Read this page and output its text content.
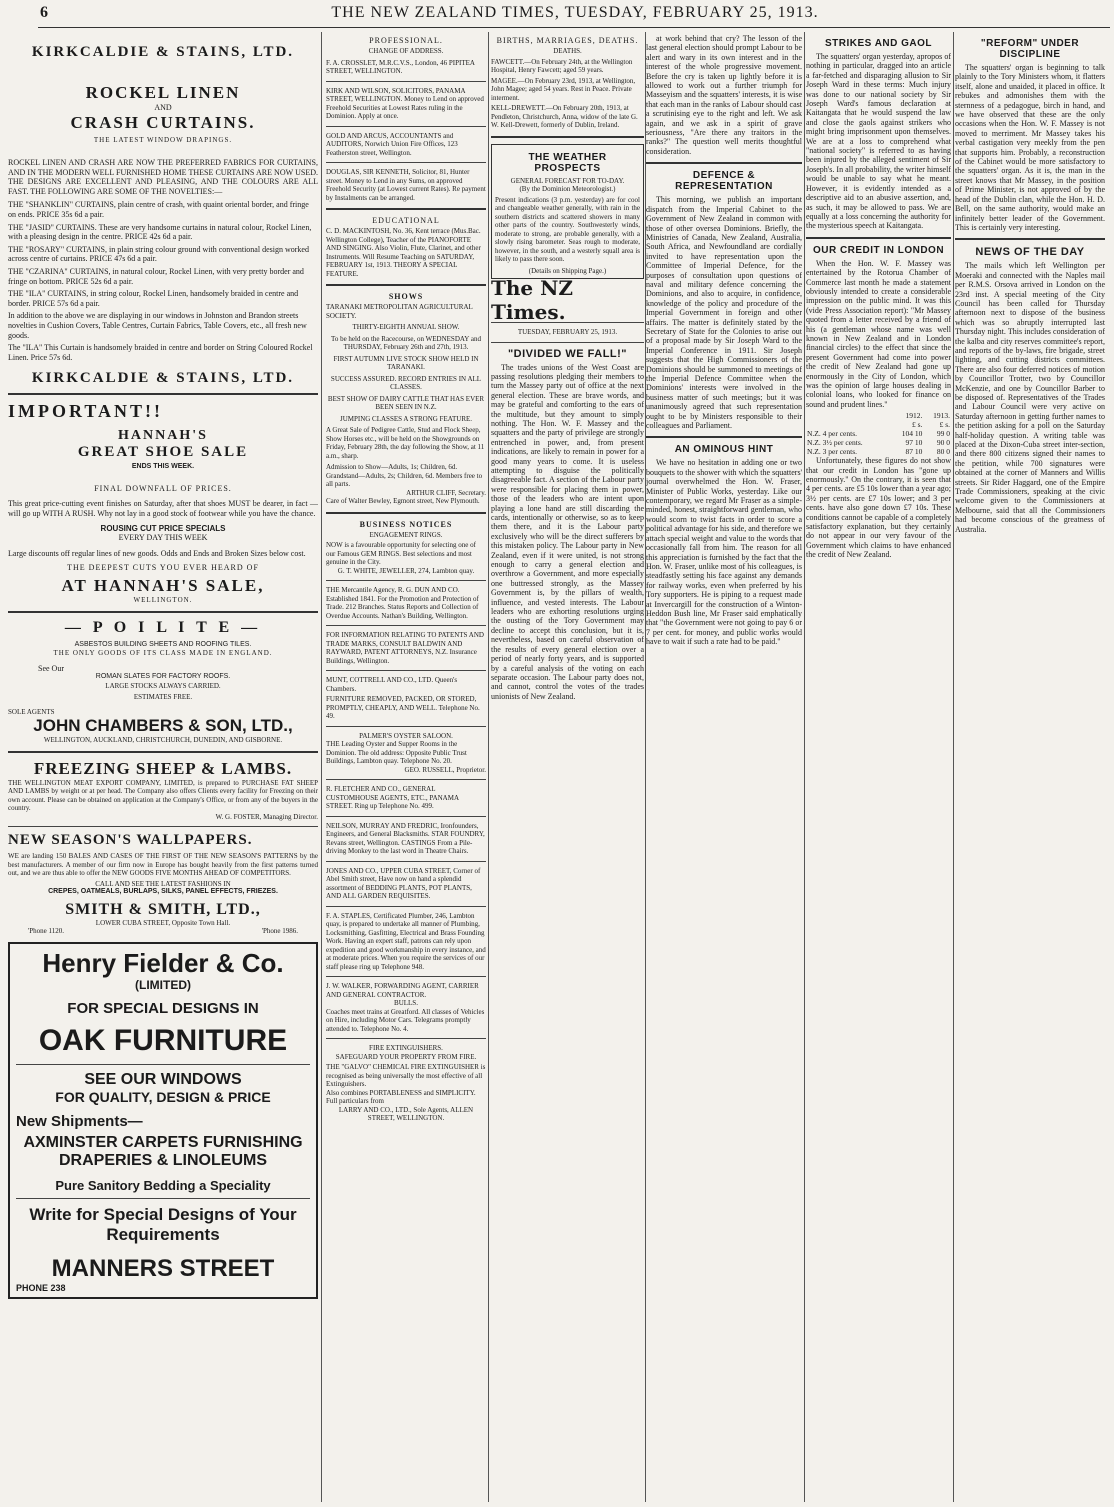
6	THE NEW ZEALAND TIMES, TUESDAY, FEBRUARY 25, 1913.
KIRKCALDIE & STAINS, LTD.
ROCKEL LINEN
AND
CRASH CURTAINS.
THE LATEST WINDOW DRAPINGS.
ROCKEL LINEN AND CRASH ARE NOW THE PREFERRED FABRICS FOR CURTAINS, AND IN THE MODERN WELL FURNISHED HOME THESE CURTAINS ARE NOW USED. THE DESIGNS ARE EXCELLENT AND PLEASING, AND THE COLOURS ARE ALL FAST. THE FOLLOWING ARE SOME OF THE NOVELTIES:—
THE "SHANKLIN" CURTAINS, plain centre of crash, with quaint oriental border, and fringe on ends. PRICE 35s 6d a pair.
THE "JASID" CURTAINS. These are very handsome curtains in natural colour, Rockel Linen, with a pleasing design in the centre. PRICE 42s 6d a pair.
THE "ROSARY" CURTAINS, in plain string colour ground with conventional design worked across centre of curtains. PRICE 47s 6d a pair.
THE "CZARINA" CURTAINS, in natural colour, Rockel Linen, with very pretty border and fringe on bottom. PRICE 52s 6d a pair.
THE "ILA" CURTAINS, in string colour, Rockel Linen, handsomely braided in centre and border. PRICE 57s 6d a pair.
In addition to the above we are displaying in our windows in Johnston and Brandon streets novelties in Cushion Covers, Table Centres, Curtain Fabrics, Table Covers, etc., all fresh new goods.
The "ILA" This Curtain is handsomely braided in centre and border on String Coloured Rockel Linen. Price 57s 6d.
KIRKCALDIE & STAINS, LTD.
IMPORTANT!!
HANNAH'S
GREAT SHOE SALE
ENDS THIS WEEK.
FINAL DOWNFALL OF PRICES.
This great price-cutting event finishes on Saturday, after that shoes MUST be dearer, in fact — will go up WITH A RUSH. Why not lay in a good stock of footwear while you have the chance.
ROUSING CUT PRICE SPECIALS
EVERY DAY THIS WEEK
Large discounts off regular lines of new goods. Odds and Ends and Broken Sizes below cost.
THE DEEPEST CUTS YOU EVER HEARD OF
AT HANNAH'S SALE,
WELLINGTON.
— P O I L I T E —
ASBESTOS BUILDING SHEETS AND ROOFING TILES.
THE ONLY GOODS OF ITS CLASS MADE IN ENGLAND.
See Our
ROMAN SLATES FOR FACTORY ROOFS.
LARGE STOCKS ALWAYS CARRIED.
ESTIMATES FREE.
SOLE AGENTS
JOHN CHAMBERS & SON, LTD.,
WELLINGTON, AUCKLAND, CHRISTCHURCH, DUNEDIN, AND GISBORNE.
FREEZING SHEEP & LAMBS.
THE WELLINGTON MEAT EXPORT COMPANY, LIMITED, is prepared to PURCHASE FAT SHEEP AND LAMBS by weight or at per head. The Company also offers Clients every facility for Freezing on their own account. Please can be obtained on application at the Company's Office, or from any of the buyers in the country.
W. G. FOSTER, Managing Director.
NEW SEASON'S WALLPAPERS.
WE are landing 150 BALES AND CASES OF THE FIRST OF THE NEW SEASON'S PATTERNS by the best manufacturers. A member of our firm now in Europe has bought heavily from the first patterns turned out, and we are thus able to offer the NEW GOODS FIVE MONTHS AHEAD OF COMPETITORS.
CALL AND SEE THE LATEST FASHIONS IN
CREPES, OATMEALS, BURLAPS, SILKS, PANEL EFFECTS, FRIEZES.
SMITH & SMITH, LTD.,
LOWER CUBA STREET, Opposite Town Hall.
'Phone 1120.	'Phone 1986.
Henry Fielder & Co.
(LIMITED)
FOR SPECIAL DESIGNS IN
OAK FURNITURE
SEE OUR WINDOWS
FOR QUALITY, DESIGN & PRICE
New Shipments—
AXMINSTER CARPETS FURNISHING
DRAPERIES & LINOLEUMS
Pure Sanitory Bedding a Speciality
Write for Special Designs of Your
Requirements
MANNERS STREET
PHONE 238
PROFESSIONAL.
CHANGE OF ADDRESS.
F. A. CROSSLET, M.R.C.V.S., London, 46 PIPITEA STREET, WELLINGTON.
KIRK AND WILSON, SOLICITORS, PANAMA STREET, WELLINGTON. Money to Lend on approved Freehold Securities at Lowest Rates ruling in the Dominion. Apply at once.
GOLD AND ARCUS, ACCOUNTANTS and AUDITORS, Norwich Union Fire Offices, 123 Featherston street, Wellington.
DOUGLAS, SIR KENNETH, Solicitor, 81, Hunter street. Money to Lend in any Sums, on approved Freehold Security (at Lowest current Rates). Re payment by Instalments can be arranged.
EDUCATIONAL
C. D. MACKINTOSH, No. 36, Kent terrace (Mus.Bac. Wellington College), Teacher of the PIANOFORTE AND SINGING. Also Violin, Flute, Clarinet, and other Instruments. Will Resume Teaching on SATURDAY, FEBRUARY 1st, 1913. THEORY A SPECIAL FEATURE.
SHOWS
TARANAKI METROPOLITAN AGRICULTURAL SOCIETY.
THIRTY-EIGHTH ANNUAL SHOW.
To be held on the Racecourse, on WEDNESDAY and THURSDAY, February 26th and 27th, 1913.
FIRST AUTUMN LIVE STOCK SHOW HELD IN TARANAKI.
SUCCESS ASSURED. RECORD ENTRIES IN ALL CLASSES.
BEST SHOW OF DAIRY CATTLE THAT HAS EVER BEEN SEEN IN N.Z.
JUMPING CLASSES A STRONG FEATURE.
A Great Sale of Pedigree Cattle, Stud and Flock Sheep, Show Horses etc., will be held on the Showgrounds on Friday, February 28th, the day following the Show, at 11 a.m., sharp.
Admission to Show—Adults, 1s; Children, 6d. Grandstand—Adults, 2s; Children, 6d. Members free to all parts.
ARTHUR CLIFF, Secretary.
Care of Walter Bewley, Egmont street, New Plymouth.
BUSINESS NOTICES
ENGAGEMENT RINGS.
NOW is a favourable opportunity for selecting one of our Famous GEM RINGS. Best selections and most genuine in the City.
G. T. WHITE, JEWELLER, 274, Lambton quay.
THE Mercantile Agency, R. G. DUN AND CO. Established 1841. For the Promotion and Protection of Trade. 212 Branches. Status Reports and Collection of Overdue Accounts. Nathan's Building, Wellington.
FOR INFORMATION RELATING TO PATENTS AND TRADE MARKS, CONSULT BALDWIN AND RAYWARD, PATENT ATTORNEYS, N.Z. Insurance Buildings, Wellington.
MUNT, COTTRELL AND CO., LTD. Queen's Chambers.
FURNITURE REMOVED, PACKED, OR STORED, PROMPTLY, CHEAPLY, AND WELL. Telephone No. 49.
PALMER'S OYSTER SALOON.
THE Leading Oyster and Supper Rooms in the Dominion. The old address: Opposite Public Trust Buildings, Lambton quay. Telephone No. 20.
GEO. RUSSELL, Proprietor.
R. FLETCHER AND CO., GENERAL CUSTOMHOUSE AGENTS, ETC., PANAMA STREET. Ring up Telephone No. 499.
NEILSON, MURRAY AND FREDRIC, Ironfounders, Engineers, and General Blacksmiths. STAR FOUNDRY, Revans street, Wellington. CASTINGS From a Pile-driving Monkey to the last word in Theatre Chairs.
JONES AND CO., UPPER CUBA STREET, Corner of Abel Smith street, Have now on hand a splendid assortment of BEDDING PLANTS, POT PLANTS, AND ALL GARDEN REQUISITES.
F. A. STAPLES, Certificated Plumber, 246, Lambton quay, is prepared to undertake all manner of Plumbing, Locksmithing, Gasfitting, Electrical and Brass Founding Work. Having an expert staff, patrons can rely upon expedition and good workmanship in every instance, and at moderate prices. When you require the services of our staff please ring up Telephone 948.
J. W. WALKER, FORWARDING AGENT, CARRIER AND GENERAL CONTRACTOR.
BULLS.
Coaches meet trains at Greatford. All classes of Vehicles on Hire, including Motor Cars. Telegrams promptly attended to. Telephone No. 4.
FIRE EXTINGUISHERS.
SAFEGUARD YOUR PROPERTY FROM FIRE.
THE "GALVO" CHEMICAL FIRE EXTINGUISHER is recognised as being universally the most effective of all Extinguishers.
Also combines PORTABLENESS and SIMPLICITY.
Full particulars from
LARRY AND CO., LTD., Sole Agents, ALLEN STREET, WELLINGTON.
BIRTHS, MARRIAGES, DEATHS.
DEATHS.
FAWCETT.—On February 24th, at the Wellington Hospital, Henry Fawcett; aged 59 years.
MAGEE.—On February 23rd, 1913, at Wellington, John Magee; aged 54 years. Rest in Peace. Private interment.
KELL-DREWETT.—On February 20th, 1913, at Pendleton, Christchurch, Anna, widow of the late G. W. Kell-Drewett, formerly of Dublin, Ireland.
THE WEATHER PROSPECTS
GENERAL FORECAST FOR TO-DAY.
(By the Dominion Meteorologist.)
Present indications (3 p.m. yesterday) are for cool and changeable weather generally, with rain in the southern districts and scattered showers in many other parts of the country. Southwesterly winds, moderate to strong, are probable generally, with a slowly rising barometer. Seas rough to moderate, however, in the south, and a westerly squall area is likely to pass there soon.
(Details on Shipping Page.)
The NZ Times.
TUESDAY, FEBRUARY 25, 1913.
"DIVIDED WE FALL!"
The trades unions of the West Coast are passing resolutions pledging their members to turn the Massey party out of office at the next general election. These are brave words, and may be grateful and comforting to the ears of the multitude, but they amount to simply nothing. The Hon. W. F. Massey and the squatters and the party of privilege are strongly entrenched in power, and, from present indications, are likely to remain in power for a good many years to come. It is useless attempting to disguise the politically disagreeable fact. A section of the Labour party were responsible for placing them in power, those of the leaders who are intent upon playing a lone hand are still discarding the cards, intentionally or otherwise, so as to keep them there, and it is the Labour party exclusively who will be the direct sufferers by this mistaken policy. The Labour party in New Zealand, even if it were united, is not strong enough to carry a general election and overthrow a Government, and more especially one buttressed strongly, as the Massey Government is, by the pillars of wealth, influence, and vested interests. The Labour leaders who are exhorting resolutions urging the ousting of the Tory Government may decline to accept this conclusion, but it is, nevertheless, based on careful observation of the results of every general election over a period of nearly forty years, and is supported by a careful analysis of the voting on each separate occasion. The Labour party does not, and cannot, control the votes of the trades unionists of New Zealand.
at work behind that cry? The lesson of the last general election should prompt Labour to be alert and wary in its own interest and in the interest of the whole progressive movement. Before the cry is taken up lightly before it is allowed to work out a further triumph for Masseyism and the squatters' interests, it is wise that each man in the ranks of Labour should cast a scrutinising eye to the right and left. We ask again, and we ask in a spirit of grave seriousness, "Are there any traitors in the ranks?" The question well merits thoughtful consideration.
DEFENCE & REPRESENTATION
This morning, we publish an important dispatch from the Imperial Cabinet to the Government of New Zealand in common with those of other oversea Dominions. Briefly, the Ministries of Canada, New Zealand, Australia, South Africa, and Newfoundland are cordially invited to have representation upon the Committee of Imperial Defence, for the purposes of consultation upon questions of naval and military defence concerning the Dominions, and also to acquire, in confidence, knowledge of the policy and procedure of the Imperial Government in foreign and other affairs. The matter is definitely stated by the Secretary of State for the Colonies to arise out of a proposal made by Sir Joseph Ward to the Imperial Conference in 1911. Sir Joseph suggests that the High Commissioners of the Dominions should be summoned to meetings of the Imperial Defence Committee when the Dominions' interests were involved in the business matter of such meetings; but it was unanimously agreed that such representation ought to be by Ministers responsible to their colleagues and Parliament.
AN OMINOUS HINT
We have no hesitation in adding one or two bouquets to the shower with which the squatters' journal overwhelmed the Hon. W. Fraser, Minister of Public Works, yesterday. Like our contemporary, we regard Mr Fraser as a simple-minded, honest, straightforward gentleman, who would scorn to twist facts in order to score a political advantage for his side, and therefore we attach special weight and value to the words that occasionally fall from him. The reason for all this appreciation is furnished by the fact that the Hon. W. Fraser, unlike most of his colleagues, is steadfastly setting his face against any demands for railway works, even when preferred by his Tory supporters. He is piping to a request made at Invercargill for the construction of a Winton-Heddon Bush line, Mr Fraser said emphatically that "the Government were not going to pay 6 or 7 per cent. for money, and public works would have to wait if such a rate had to be paid."
STRIKES AND GAOL
The squatters' organ yesterday, apropos of nothing in particular, dragged into an article a far-fetched and disparaging allusion to Sir Joseph Ward in these terms: Much injury was done to our national society by Sir Joseph Ward's famous declaration at Kaitangata that he would suspend the law and close the gaols against strikers who might bring imprisonment upon themselves. We are at a loss to comprehend what "national society" is referred to as having been injured by the alleged sentiment of Sir Joseph's. In all probability, the writer himself would be unable to say what he meant. However, it is evidently intended as a descriptive aid to an abusive assertion, and, as such, it may be allowed to pass. We are equally at a loss concerning the authority for the mysterious speech at Kaitangata.
OUR CREDIT IN LONDON
When the Hon. W. F. Massey was entertained by the Rotorua Chamber of Commerce last month he made a statement obviously intended to create a considerable impression on the public mind. It was this (vide Press Association report): "Mr Massey quoted from a letter received by a friend of his (a gentleman whose name was well known in New Zealand and in London financial circles) to the effect that since the present Government had come into power the credit of New Zealand had gone up enormously in the City of London, which was the opinion of large houses dealing in colonial loans, who looked for finance on sound and prudent lines."
	1912.	1913.
	£ s.	£ s.
N.Z. 4 per cents.	104 10	99 0
N.Z. 3½ per cents.	97 10	90 0
N.Z. 3 per cents.	87 10	80 0
Unfortunately, these figures do not show that our credit in London has "gone up enormously." On the contrary, it is seen that 4 per cents. are £5 10s lower than a year ago; 3½ per cents. are £7 10s lower; and 3 per cents. have also gone down £7 10s. These conditions cannot be capable of a completely satisfactory explanation, but they certainly do not appear in our very favour of the Government which claims to have enhanced the credit of New Zealand.
"REFORM" UNDER DISCIPLINE
The squatters' organ is beginning to talk plainly to the Tory Ministers whom, it flatters itself, alone and unaided, it placed in office. It rebukes and admonishes them with the sternness of a pedagogue, birch in hand, and we have observed that these are the only occasions when the Hon. W. F. Massey is not moved to merriment. Mr Massey takes his verbal castigation very meekly from the pen that supports him. Probably, a reconstruction of the Cabinet would be more satisfactory to the squatters' organ. As it is, the man in the street knows that Mr Massey, in the position of Prime Minister, is not approved of by the head of the Dublin clan, while the Hon. H. D. Bell, on the same authority, would make an infinitely better leader of the Government. This is certainly very interesting.
NEWS OF THE DAY
The mails which left Wellington per Moeraki and connected with the Naples mail per R.M.S. Orsova arrived in London on the 23rd inst. A special meeting of the City Council has been called for Thursday afternoon next to dispose of the business which was so abruptly interrupted last Thursday night. This includes consideration of the kalba and city reserves committee's report, and reports of the by-laws, fire brigade, street lighting, and cutting districts committees. There are also four deferred notices of motion by Councillor Trotter, two by Councillor McKenzie, and one by Councillor Barber to be disposed of. Representatives of the Trades and Labour Council were very active on Saturday afternoon in getting further names to the petition asking for a poll on the Saturday half-holiday question. A writing table was placed at the Dixon-Cuba street inter-section, and there 800 citizens signed their names to the petition, while 700 signatures were obtained at the corner of Manners and Willis streets. Sir Rider Haggard, one of the Empire Trade Commissioners, speaking at the civic welcome given to the Commissioners at Melbourne, said that all the Commissioners had become conscious of the greatness of Australia.
